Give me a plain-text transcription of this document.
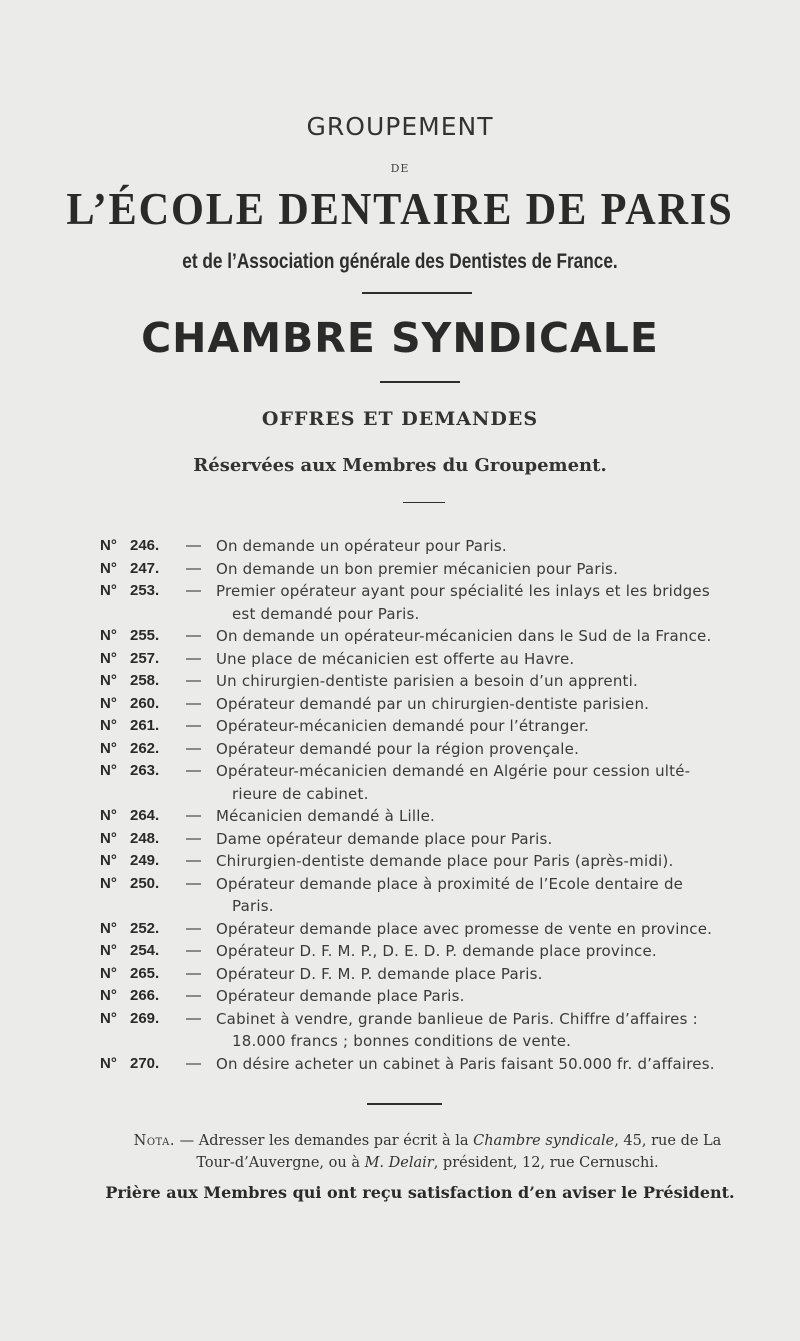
GROUPEMENT
DE
L’ÉCOLE DENTAIRE DE PARIS
et de l’Association générale des Dentistes de France.
CHAMBRE SYNDICALE
OFFRES ET DEMANDES
Réservées aux Membres du Groupement.
N° 246. —	On demande un opérateur pour Paris.
N° 247. —	On demande un bon premier mécanicien pour Paris.
N° 253. —	Premier opérateur ayant pour spécialité les inlays et les bridges
est demandé pour Paris.
N° 255. —	On demande un opérateur-mécanicien dans le Sud de la France.
N° 257. —	Une place de mécanicien est offerte au Havre.
N° 258. —	Un chirurgien-dentiste parisien a besoin d’un apprenti.
N° 260. —	Opérateur demandé par un chirurgien-dentiste parisien.
N° 261. —	Opérateur-mécanicien demandé pour l’étranger.
N° 262. —	Opérateur demandé pour la région provençale.
N° 263. —	Opérateur-mécanicien demandé en Algérie pour cession ulté-
rieure de cabinet.
N° 264. —	Mécanicien demandé à Lille.
N° 248. —	Dame opérateur demande place pour Paris.
N° 249. —	Chirurgien-dentiste demande place pour Paris (après-midi).
N° 250. —	Opérateur demande place à proximité de l’Ecole dentaire de
Paris.
N° 252. —	Opérateur demande place avec promesse de vente en province.
N° 254. —	Opérateur D. F. M. P., D. E. D. P. demande place province.
N° 265. —	Opérateur D. F. M. P. demande place Paris.
N° 266. —	Opérateur demande place Paris.
N° 269. —	Cabinet à vendre, grande banlieue de Paris. Chiffre d’affaires :
18.000 francs ; bonnes conditions de vente.
N° 270. —	On désire acheter un cabinet à Paris faisant 50.000 fr. d’affaires.
Nota. — Adresser les demandes par écrit à la Chambre syndicale, 45, rue de La Tour-d’Auvergne, ou à M. Delair, président, 12, rue Cernuschi.
Prière aux Membres qui ont reçu satisfaction d’en aviser le Président.
